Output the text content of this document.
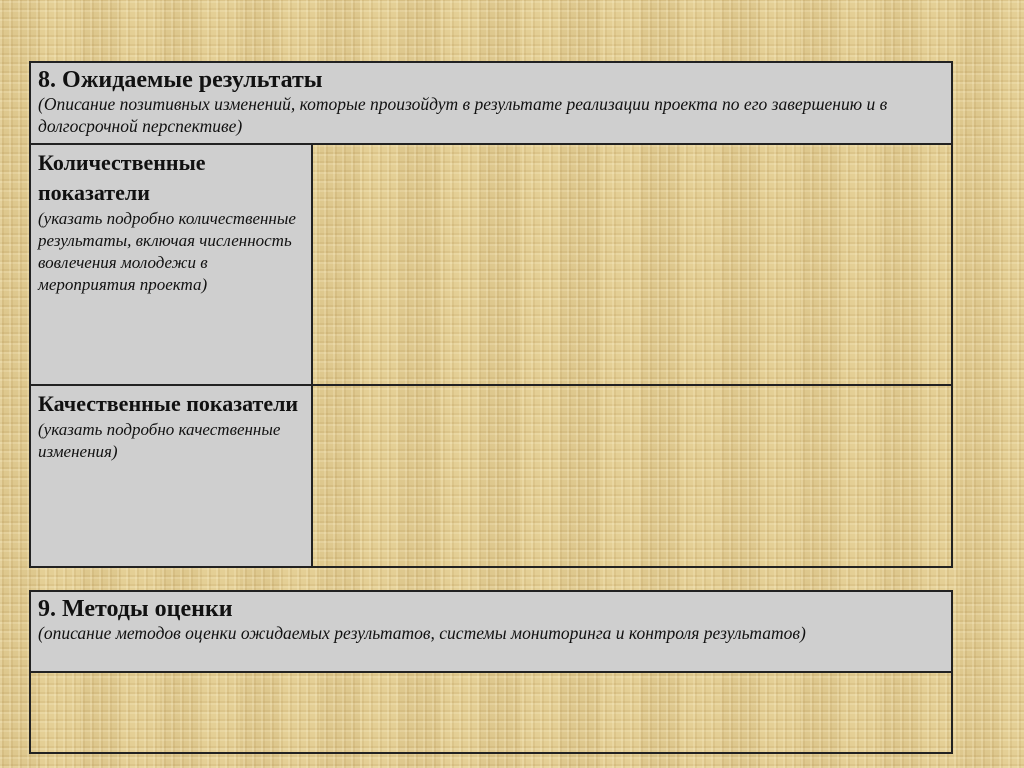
8. Ожидаемые результаты
(Описание позитивных изменений, которые произойдут в результате реализации проекта по его завершению и в долгосрочной перспективе)	

Количественные показатели
(указать подробно количественные результаты, включая численность вовлечения молодежи в мероприятия проекта)	

Качественные показатели
(указать подробно качественные изменения)	

9. Методы оценки
(описание методов оценки ожидаемых результатов, системы мониторинга и контроля результатов)
